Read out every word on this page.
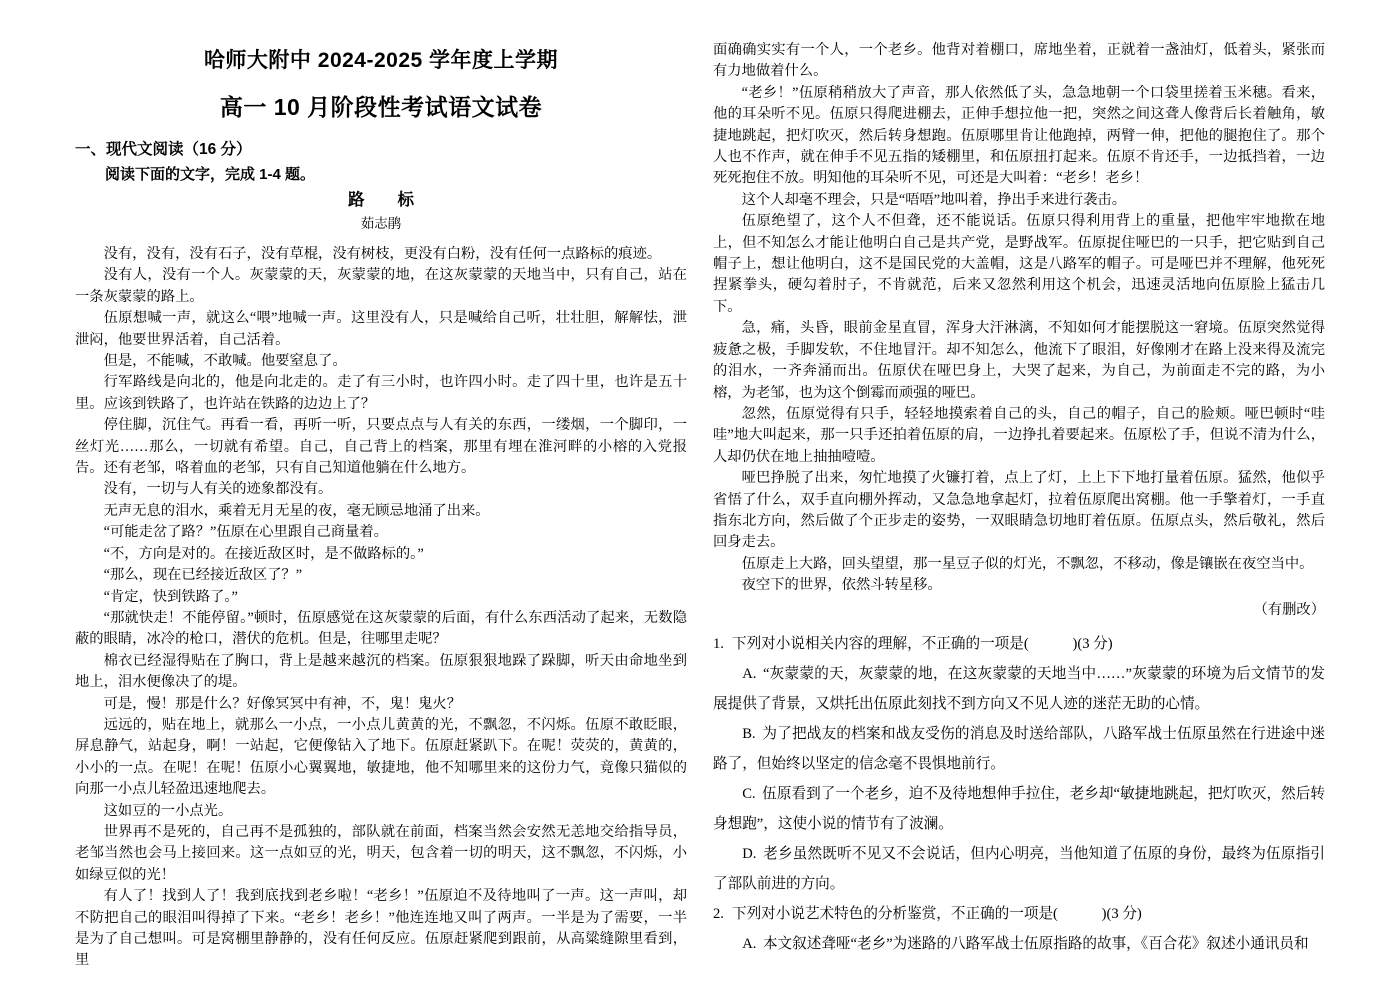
哈师大附中 2024-2025 学年度上学期
高一 10 月阶段性考试语文试卷

一、现代文阅读（16 分）

阅读下面的文字，完成 1-4 题。

路　　标

茹志鹃

没有，没有，没有石子，没有草棍，没有树枝，更没有白粉，没有任何一点路标的痕迹。

没有人，没有一个人。灰蒙蒙的天，灰蒙蒙的地，在这灰蒙蒙的天地当中，只有自己，站在一条灰蒙蒙的路上。

伍原想喊一声，就这么“喂”地喊一声。这里没有人，只是喊给自己听，壮壮胆，解解怯，泄泄闷，他要世界活着，自己活着。

但是，不能喊，不敢喊。他要窒息了。

行军路线是向北的，他是向北走的。走了有三小时，也许四小时。走了四十里，也许是五十里。应该到铁路了，也许站在铁路的边边上了？

停住脚，沉住气。再看一看，再听一听，只要点点与人有关的东西，一缕烟，一个脚印，一丝灯光……那么，一切就有希望。自己，自己背上的档案，那里有埋在淮河畔的小榕的入党报告。还有老邹，咯着血的老邹，只有自己知道他躺在什么地方。

没有，一切与人有关的迹象都没有。

无声无息的泪水，乘着无月无星的夜，毫无顾忌地涌了出来。

“可能走岔了路？”伍原在心里跟自己商量着。

“不，方向是对的。在接近敌区时，是不做路标的。”

“那么，现在已经接近敌区了？”

“肯定，快到铁路了。”

“那就快走！不能停留。”顿时，伍原感觉在这灰蒙蒙的后面，有什么东西活动了起来，无数隐蔽的眼睛，冰冷的枪口，潜伏的危机。但是，往哪里走呢？

棉衣已经湿得贴在了胸口，背上是越来越沉的档案。伍原狠狠地跺了跺脚，听天由命地坐到地上，泪水便像决了的堤。

可是，慢！那是什么？好像冥冥中有神，不，鬼！鬼火？

远远的，贴在地上，就那么一小点，一小点儿黄黄的光，不飘忽，不闪烁。伍原不敢眨眼，屏息静气，站起身，啊！一站起，它便像钻入了地下。伍原赶紧趴下。在呢！荧荧的，黄黄的，小小的一点。在呢！在呢！伍原小心翼翼地，敏捷地，他不知哪里来的这份力气，竟像只猫似的向那一小点儿轻盈迅速地爬去。

这如豆的一小点光。

世界再不是死的，自己再不是孤独的，部队就在前面，档案当然会安然无恙地交给指导员，老邹当然也会马上接回来。这一点如豆的光，明天，包含着一切的明天，这不飘忽，不闪烁，小如绿豆似的光！

有人了！找到人了！我到底找到老乡啦！“老乡！”伍原迫不及待地叫了一声。这一声叫，却不防把自己的眼泪叫得掉了下来。“老乡！老乡！”他连连地又叫了两声。一半是为了需要，一半是为了自己想叫。可是窝棚里静静的，没有任何反应。伍原赶紧爬到跟前，从高粱缝隙里看到，里

面确确实实有一个人，一个老乡。他背对着棚口，席地坐着，正就着一盏油灯，低着头，紧张而有力地做着什么。

“老乡！”伍原稍稍放大了声音，那人依然低了头，急急地朝一个口袋里搓着玉米穗。看来，他的耳朵听不见。伍原只得爬进棚去，正伸手想拉他一把，突然之间这聋人像背后长着触角，敏捷地跳起，把灯吹灭，然后转身想跑。伍原哪里肯让他跑掉，两臂一伸，把他的腿抱住了。那个人也不作声，就在伸手不见五指的矮棚里，和伍原扭打起来。伍原不肯还手，一边抵挡着，一边死死抱住不放。明知他的耳朵听不见，可还是大叫着：“老乡！老乡！

这个人却毫不理会，只是“唔唔”地叫着，挣出手来进行袭击。

伍原绝望了，这个人不但聋，还不能说话。伍原只得利用背上的重量，把他牢牢地揿在地上，但不知怎么才能让他明白自己是共产党，是野战军。伍原捉住哑巴的一只手，把它贴到自己帽子上，想让他明白，这不是国民党的大盖帽，这是八路军的帽子。可是哑巴并不理解，他死死捏紧拳头，硬勾着肘子，不肯就范，后来又忽然利用这个机会，迅速灵活地向伍原脸上猛击几下。

急，痛，头昏，眼前金星直冒，浑身大汗淋漓，不知如何才能摆脱这一窘境。伍原突然觉得疲惫之极，手脚发软，不住地冒汗。却不知怎么，他流下了眼泪，好像刚才在路上没来得及流完的泪水，一齐奔涌而出。伍原伏在哑巴身上，大哭了起来，为自己，为前面走不完的路，为小榕，为老邹，也为这个倒霉而顽强的哑巴。

忽然，伍原觉得有只手，轻轻地摸索着自己的头，自己的帽子，自己的脸颊。哑巴顿时“哇哇”地大叫起来，那一只手还拍着伍原的肩，一边挣扎着要起来。伍原松了手，但说不清为什么，人却仍伏在地上抽抽噎噎。

哑巴挣脱了出来，匆忙地摸了火镰打着，点上了灯，上上下下地打量着伍原。猛然，他似乎省悟了什么，双手直向棚外挥动，又急急地拿起灯，拉着伍原爬出窝棚。他一手擎着灯，一手直指东北方向，然后做了个正步走的姿势，一双眼睛急切地盯着伍原。伍原点头，然后敬礼，然后回身走去。

伍原走上大路，回头望望，那一星豆子似的灯光，不飘忽，不移动，像是镶嵌在夜空当中。

夜空下的世界，依然斗转星移。

（有删改）

1. 下列对小说相关内容的理解，不正确的一项是(　　　)(3 分)

A. “灰蒙蒙的天，灰蒙蒙的地，在这灰蒙蒙的天地当中……”灰蒙蒙的环境为后文情节的发展提供了背景，又烘托出伍原此刻找不到方向又不见人迹的迷茫无助的心情。

B. 为了把战友的档案和战友受伤的消息及时送给部队，八路军战士伍原虽然在行进途中迷路了，但始终以坚定的信念毫不畏惧地前行。

C. 伍原看到了一个老乡，迫不及待地想伸手拉住，老乡却“敏捷地跳起，把灯吹灭，然后转身想跑”，这使小说的情节有了波澜。

D. 老乡虽然既听不见又不会说话，但内心明亮，当他知道了伍原的身份，最终为伍原指引了部队前进的方向。

2. 下列对小说艺术特色的分析鉴赏，不正确的一项是(　　　)(3 分)

A. 本文叙述聋哑“老乡”为迷路的八路军战士伍原指路的故事，《百合花》叙述小通讯员和
